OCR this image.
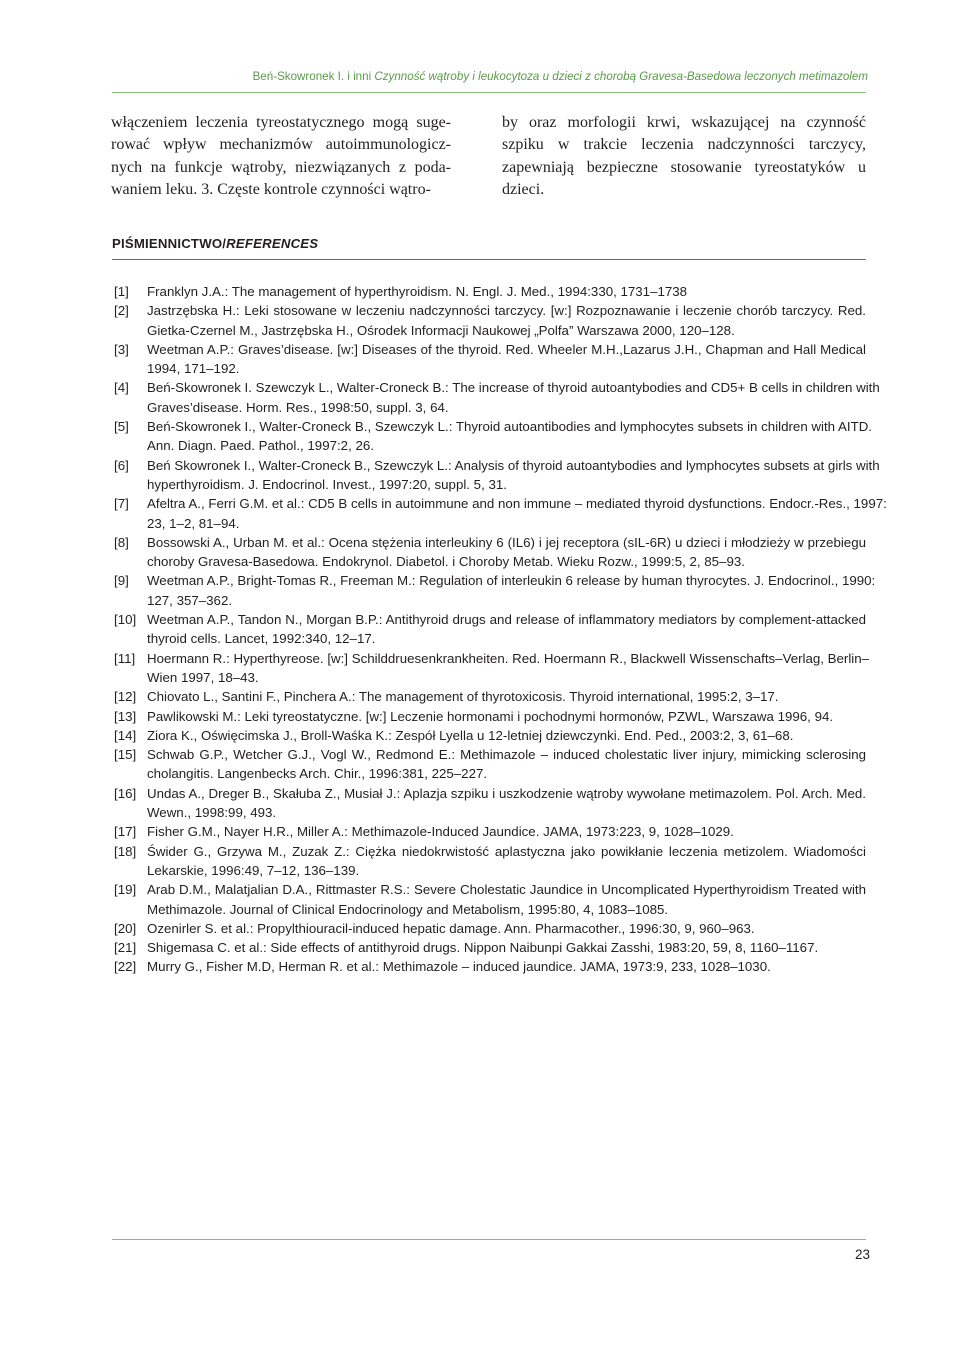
Beń-Skowronek I. i inni Czynność wątroby i leukocytoza u dzieci z chorobą Gravesa-Basedowa leczonych metimazolem
włączeniem leczenia tyreostatycznego mogą suge-
rować wpływ mechanizmów autoimmunologicz-
nych na funkcje wątroby, niezwiązanych z poda-
waniem leku. 3. Częste kontrole czynności wątro-
by oraz morfologii krwi, wskazującej na czynność
szpiku w trakcie leczenia nadczynności tarczycy,
zapewniają bezpieczne stosowanie tyreostatyków u
dzieci.
PIŚMIENNICTWO/REFERENCES
[1] Franklyn J.A.: The management of hyperthyroidism. N. Engl. J. Med., 1994:330, 1731–1738
[2] Jastrzębska H.: Leki stosowane w leczeniu nadczynności tarczycy. [w:] Rozpoznawanie i leczenie chorób tarczycy. Red.
Gietka-Czernel M., Jastrzębska H., Ośrodek Informacji Naukowej „Polfa” Warszawa 2000, 120–128.
[3] Weetman A.P.: Graves’disease. [w:] Diseases of the thyroid. Red. Wheeler M.H.,Lazarus J.H., Chapman and Hall Medical
1994, 171–192.
[4] Beń-Skowronek I. Szewczyk L., Walter-Croneck B.: The increase of thyroid autoantybodies and CD5+ B cells in children with
Graves’disease. Horm. Res., 1998:50, suppl. 3, 64.
[5] Beń-Skowronek I., Walter-Croneck B., Szewczyk L.: Thyroid autoantibodies and lymphocytes subsets in children with AITD.
Ann. Diagn. Paed. Pathol., 1997:2, 26.
[6] Beń Skowronek I., Walter-Croneck B., Szewczyk L.: Analysis of thyroid autoantybodies and lymphocytes subsets at girls with
hyperthyroidism. J. Endocrinol. Invest., 1997:20, suppl. 5, 31.
[7] Afeltra A., Ferri G.M. et al.: CD5 B cells in autoimmune and non immune – mediated thyroid dysfunctions. Endocr.-Res., 1997:
23, 1–2, 81–94.
[8] Bossowski A., Urban M. et al.: Ocena stężenia interleukiny 6 (IL6) i jej receptora (sIL-6R) u dzieci i młodzieży w przebiegu
choroby Gravesa-Basedowa. Endokrynol. Diabetol. i Choroby Metab. Wieku Rozw., 1999:5, 2, 85–93.
[9] Weetman A.P., Bright-Tomas R., Freeman M.: Regulation of interleukin 6 release by human thyrocytes. J. Endocrinol., 1990:
127, 357–362.
[10] Weetman A.P., Tandon N., Morgan B.P.: Antithyroid drugs and release of inflammatory mediators by complement-attacked
thyroid cells. Lancet, 1992:340, 12–17.
[11] Hoermann R.: Hyperthyreose. [w:] Schilddruesenkrankheiten. Red. Hoermann R., Blackwell Wissenschafts–Verlag, Berlin–
Wien 1997, 18–43.
[12] Chiovato L., Santini F., Pinchera A.: The management of thyrotoxicosis. Thyroid international, 1995:2, 3–17.
[13] Pawlikowski M.: Leki tyreostatyczne. [w:] Leczenie hormonami i pochodnymi hormonów, PZWL, Warszawa 1996, 94.
[14] Ziora K., Oświęcimska J., Broll-Waśka K.: Zespół Lyella u 12-letniej dziewczynki. End. Ped., 2003:2, 3, 61–68.
[15] Schwab G.P., Wetcher G.J., Vogl W., Redmond E.: Methimazole – induced cholestatic liver injury, mimicking sclerosing
cholangitis. Langenbecks Arch. Chir., 1996:381, 225–227.
[16] Undas A., Dreger B., Skałuba Z., Musiał J.: Aplazja szpiku i uszkodzenie wątroby wywołane metimazolem. Pol. Arch. Med.
Wewn., 1998:99, 493.
[17] Fisher G.M., Nayer H.R., Miller A.: Methimazole-Induced Jaundice. JAMA, 1973:223, 9, 1028–1029.
[18] Świder G., Grzywa M., Zuzak Z.: Ciężka niedokrwistość aplastyczna jako powikłanie leczenia metizolem. Wiadomości
Lekarskie, 1996:49, 7–12, 136–139.
[19] Arab D.M., Malatjalian D.A., Rittmaster R.S.: Severe Cholestatic Jaundice in Uncomplicated Hyperthyroidism Treated with
Methimazole. Journal of Clinical Endocrinology and Metabolism, 1995:80, 4, 1083–1085.
[20] Ozenirler S. et al.: Propylthiouracil-induced hepatic damage. Ann. Pharmacother., 1996:30, 9, 960–963.
[21] Shigemasa C. et al.: Side effects of antithyroid drugs. Nippon Naibunpi Gakkai Zasshi, 1983:20, 59, 8, 1160–1167.
[22] Murry G., Fisher M.D, Herman R. et al.: Methimazole – induced jaundice. JAMA, 1973:9, 233, 1028–1030.
23
